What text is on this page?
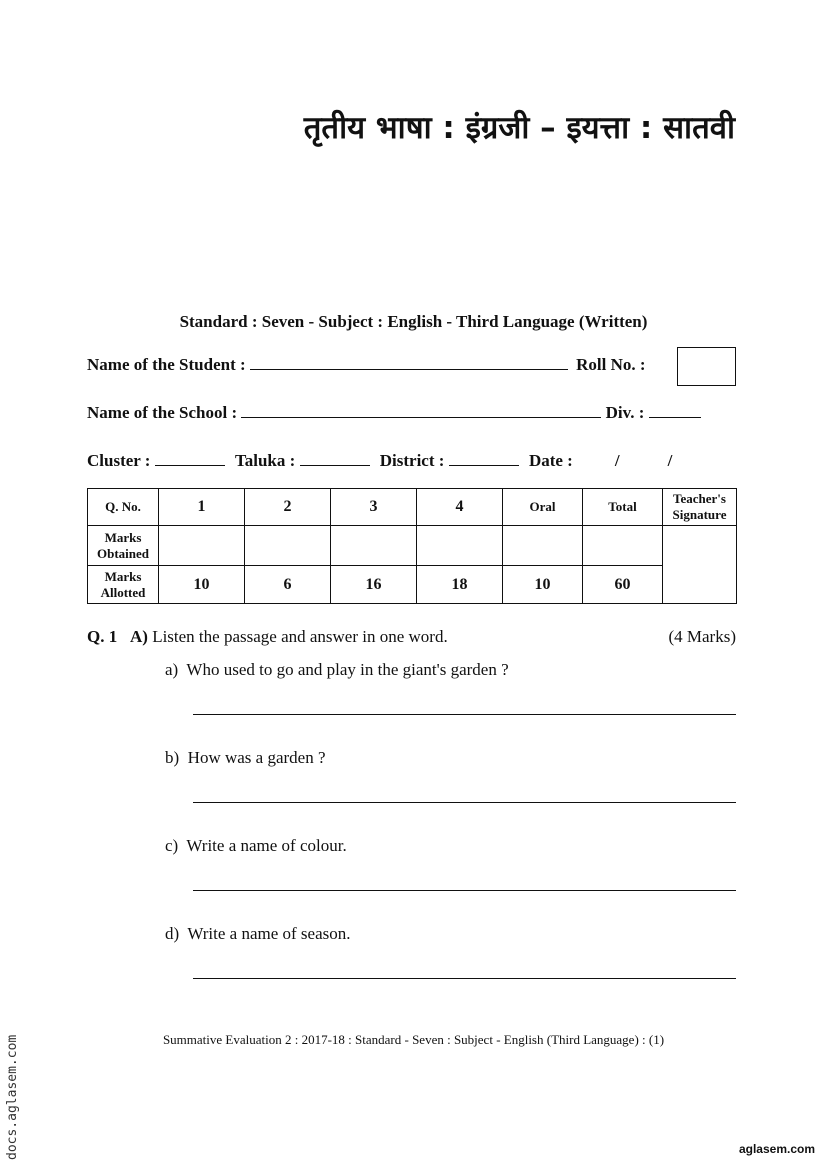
तृतीय भाषा : इंग्रजी – इयत्ता : सातवी
Standard : Seven - Subject : English - Third Language (Written)
Name of the Student :	Roll No. :
Name of the School :	Div. :
Cluster :	Taluka :	District :	Date : /	/
Q. No.	1	2	3	4	Oral	Total	Teacher's Signature
Marks Obtained							
Marks Allotted	10	6	16	18	10	60	
Q. 1 A) Listen the passage and answer in one word.	(4 Marks)
a) Who used to go and play in the giant's garden ?
b) How was a garden ?
c) Write a name of colour.
d) Write a name of season.
Summative Evaluation 2 : 2017-18 : Standard - Seven : Subject - English (Third Language) : (1)
docs.aglasem.com	aglasem.com
